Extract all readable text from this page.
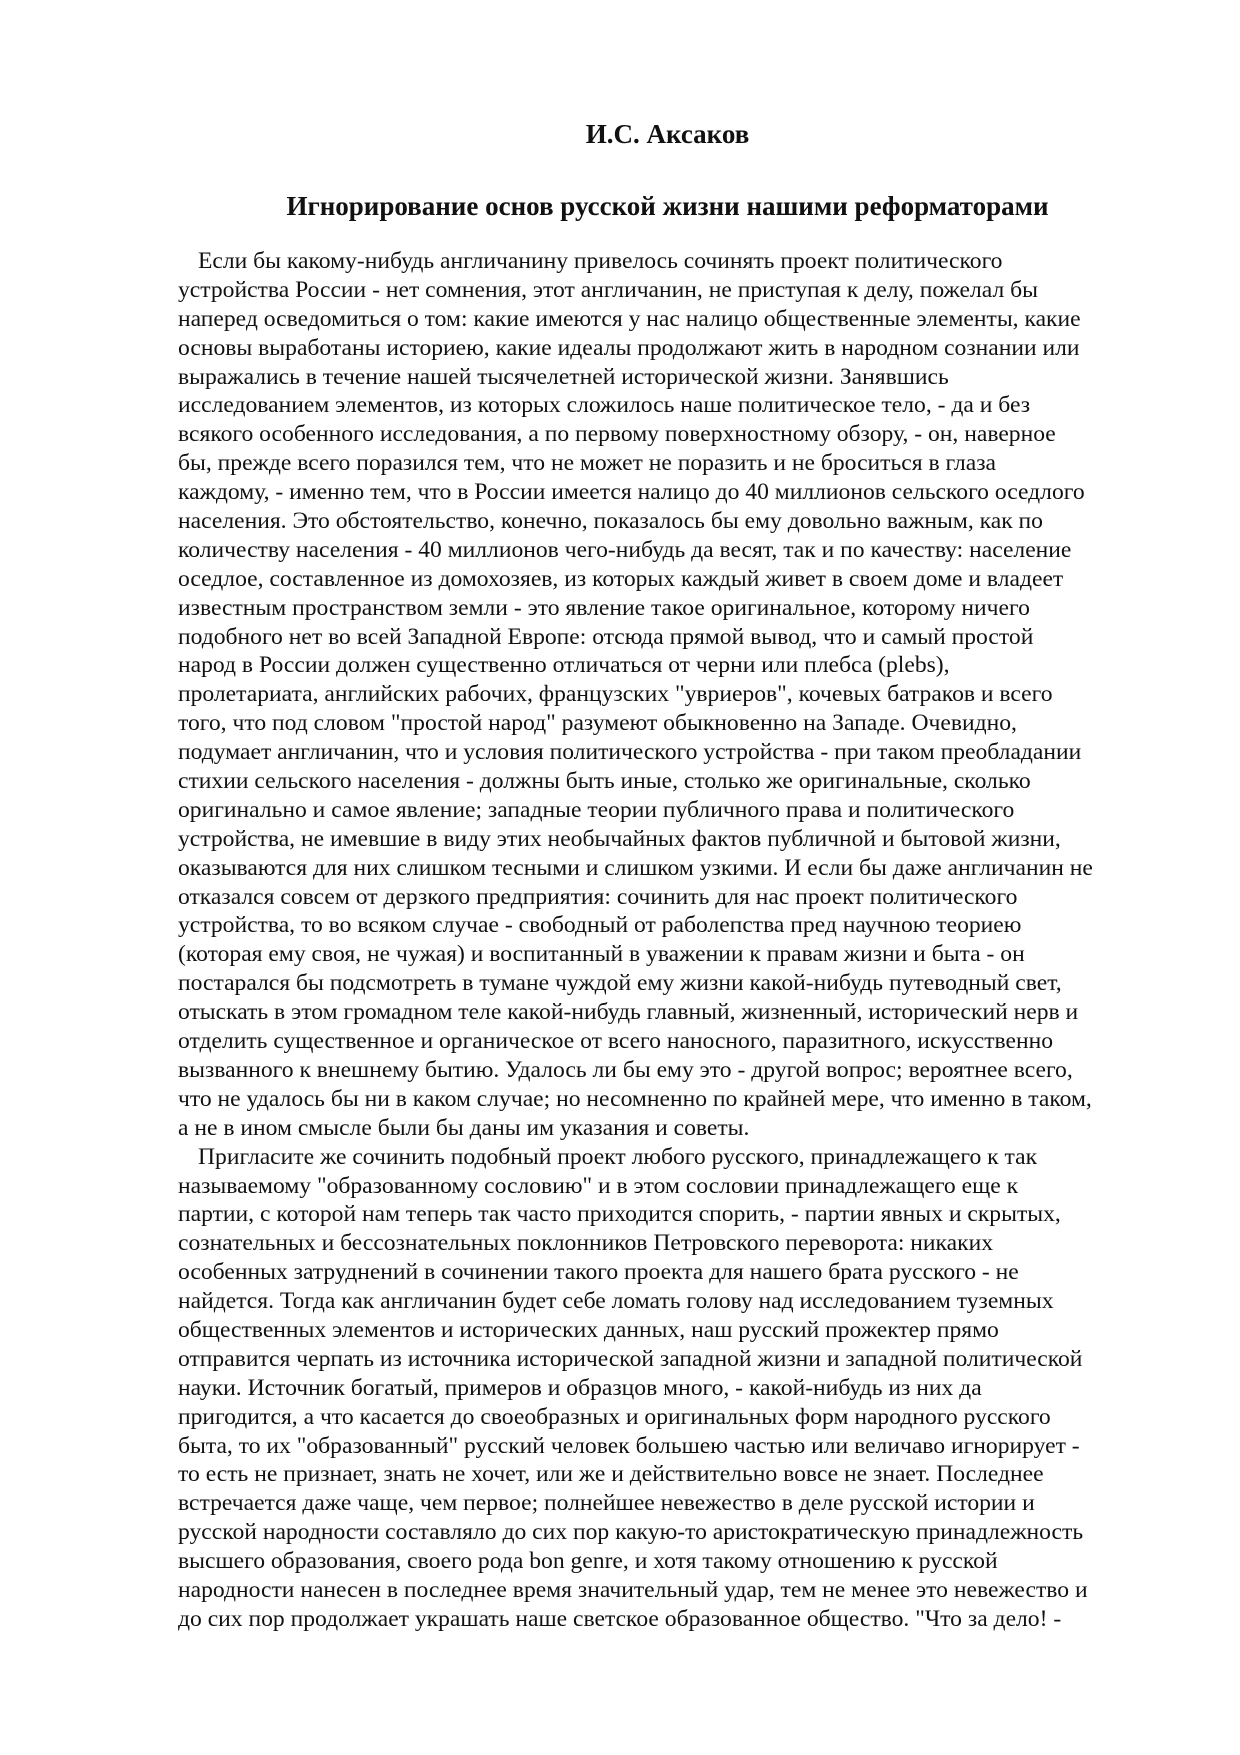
И.С. Аксаков
Игнорирование основ русской жизни нашими реформаторами
Если бы какому-нибудь англичанину привелось сочинять проект политического
устройства России - нет сомнения, этот англичанин, не приступая к делу, пожелал бы
наперед осведомиться о том: какие имеются у нас налицо общественные элементы, какие
основы выработаны историею, какие идеалы продолжают жить в народном сознании или
выражались в течение нашей тысячелетней исторической жизни. Занявшись
исследованием элементов, из которых сложилось наше политическое тело, - да и без
всякого особенного исследования, а по первому поверхностному обзору, - он, наверное
бы, прежде всего поразился тем, что не может не поразить и не броситься в глаза
каждому, - именно тем, что в России имеется налицо до 40 миллионов сельского оседлого
населения. Это обстоятельство, конечно, показалось бы ему довольно важным, как по
количеству населения - 40 миллионов чего-нибудь да весят, так и по качеству: население
оседлое, составленное из домохозяев, из которых каждый живет в своем доме и владеет
известным пространством земли - это явление такое оригинальное, которому ничего
подобного нет во всей Западной Европе: отсюда прямой вывод, что и самый простой
народ в России должен существенно отличаться от черни или плебса (plebs),
пролетариата, английских рабочих, французских "увриеров", кочевых батраков и всего
того, что под словом "простой народ" разумеют обыкновенно на Западе. Очевидно,
подумает англичанин, что и условия политического устройства - при таком преобладании
стихии сельского населения - должны быть иные, столько же оригинальные, сколько
оригинально и самое явление; западные теории публичного права и политического
устройства, не имевшие в виду этих необычайных фактов публичной и бытовой жизни,
оказываются для них слишком тесными и слишком узкими. И если бы даже англичанин не
отказался совсем от дерзкого предприятия: сочинить для нас проект политического
устройства, то во всяком случае - свободный от раболепства пред научною теориею
(которая ему своя, не чужая) и воспитанный в уважении к правам жизни и быта - он
постарался бы подсмотреть в тумане чуждой ему жизни какой-нибудь путеводный свет,
отыскать в этом громадном теле какой-нибудь главный, жизненный, исторический нерв и
отделить существенное и органическое от всего наносного, паразитного, искусственно
вызванного к внешнему бытию. Удалось ли бы ему это - другой вопрос; вероятнее всего,
что не удалось бы ни в каком случае; но несомненно по крайней мере, что именно в таком,
а не в ином смысле были бы даны им указания и советы.
Пригласите же сочинить подобный проект любого русского, принадлежащего к так
называемому "образованному сословию" и в этом сословии принадлежащего еще к
партии, с которой нам теперь так часто приходится спорить, - партии явных и скрытых,
сознательных и бессознательных поклонников Петровского переворота: никаких
особенных затруднений в сочинении такого проекта для нашего брата русского - не
найдется. Тогда как англичанин будет себе ломать голову над исследованием туземных
общественных элементов и исторических данных, наш русский прожектер прямо
отправится черпать из источника исторической западной жизни и западной политической
науки. Источник богатый, примеров и образцов много, - какой-нибудь из них да
пригодится, а что касается до своеобразных и оригинальных форм народного русского
быта, то их "образованный" русский человек большею частью или величаво игнорирует -
то есть не признает, знать не хочет, или же и действительно вовсе не знает. Последнее
встречается даже чаще, чем первое; полнейшее невежество в деле русской истории и
русской народности составляло до сих пор какую-то аристократическую принадлежность
высшего образования, своего рода bon genre, и хотя такому отношению к русской
народности нанесен в последнее время значительный удар, тем не менее это невежество и
до сих пор продолжает украшать наше светское образованное общество. "Что за дело! -
